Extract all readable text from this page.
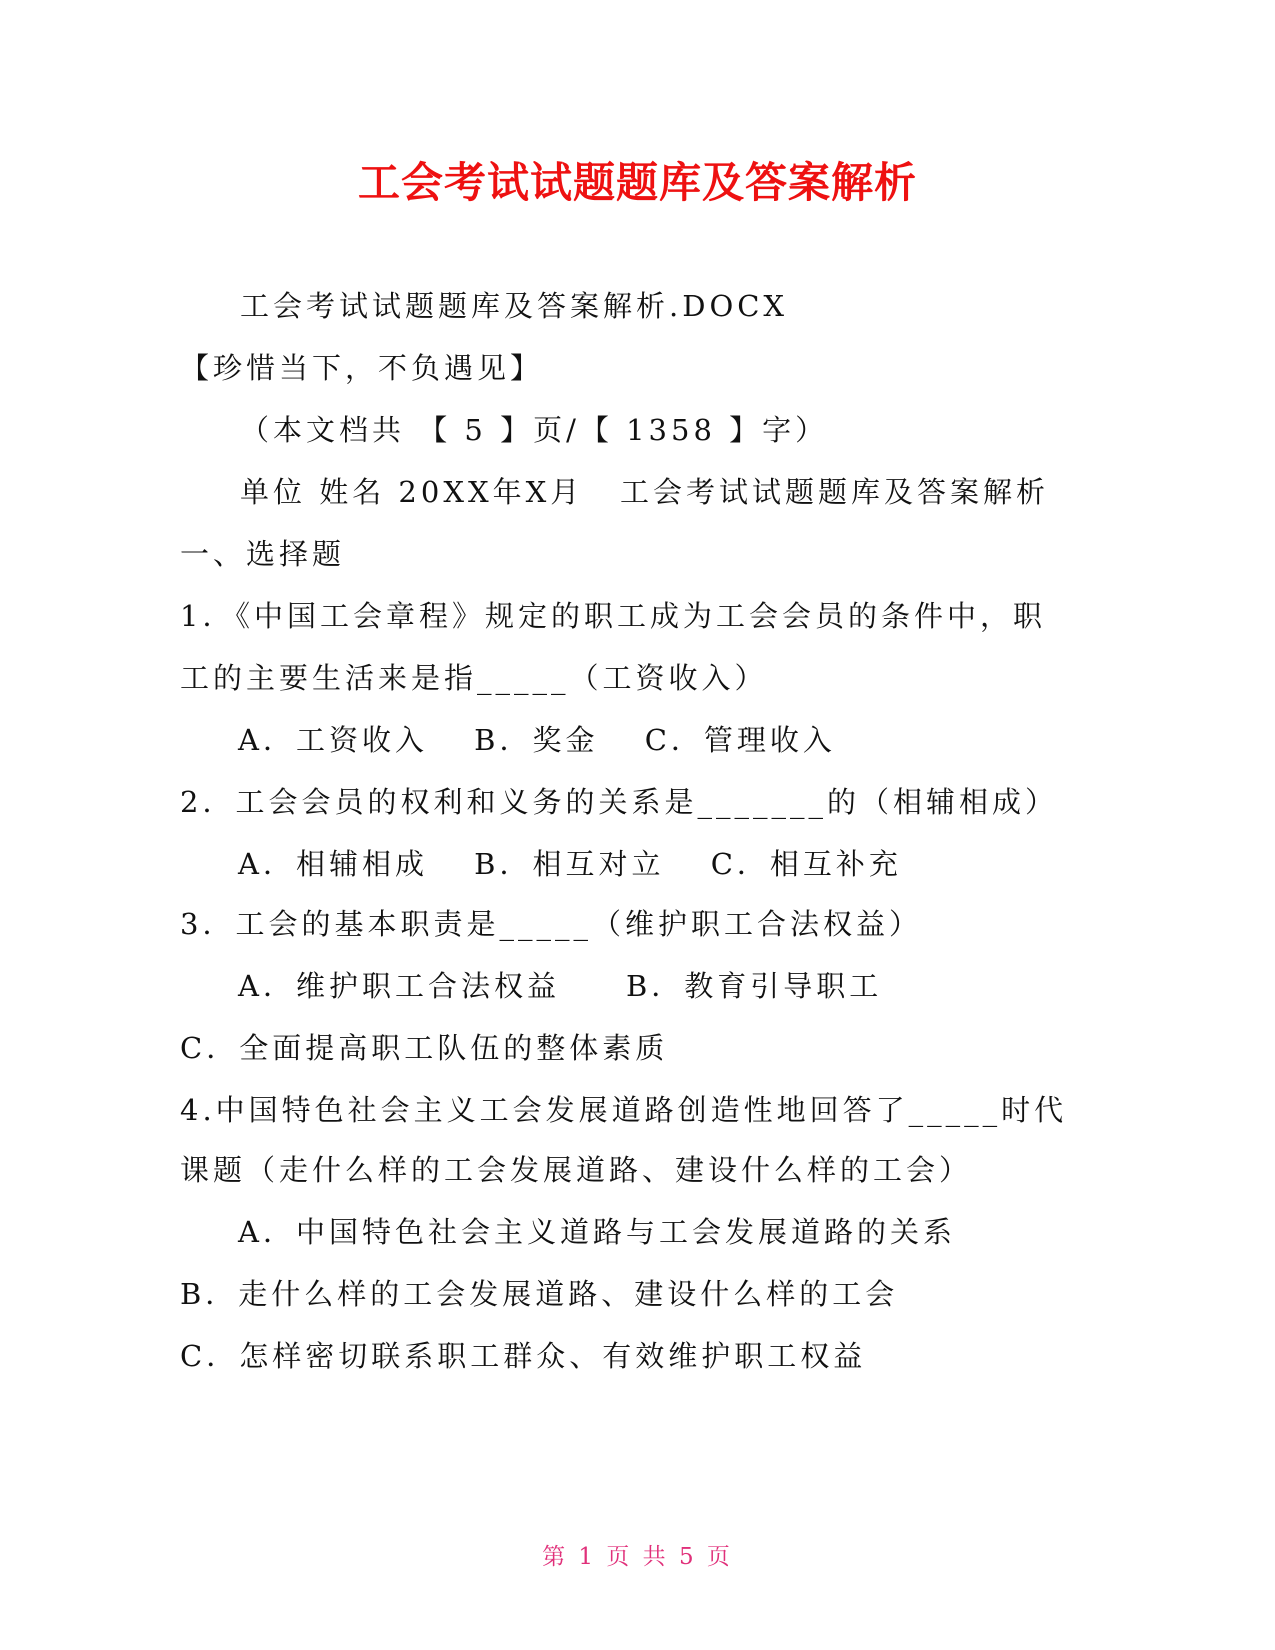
工会考试试题题库及答案解析
工会考试试题题库及答案解析.DOCX
【珍惜当下，不负遇见】
（本文档共 【 5 】页/【 1358 】字）
单位 姓名 20XX年X月 工会考试试题题库及答案解析
一、选择题
1．《中国工会章程》规定的职工成为工会会员的条件中，职
工的主要生活来是指_____（工资收入）
A．工资收入　 B．奖金　 C．管理收入
2．工会会员的权利和义务的关系是_______的（相辅相成）
A．相辅相成　 B．相互对立　 C．相互补充
3．工会的基本职责是_____（维护职工合法权益）
A．维护职工合法权益　　B．教育引导职工
C．全面提高职工队伍的整体素质
4.中国特色社会主义工会发展道路创造性地回答了_____时代
课题（走什么样的工会发展道路、建设什么样的工会）
A．中国特色社会主义道路与工会发展道路的关系
B．走什么样的工会发展道路、建设什么样的工会
C．怎样密切联系职工群众、有效维护职工权益
第 1 页 共 5 页
